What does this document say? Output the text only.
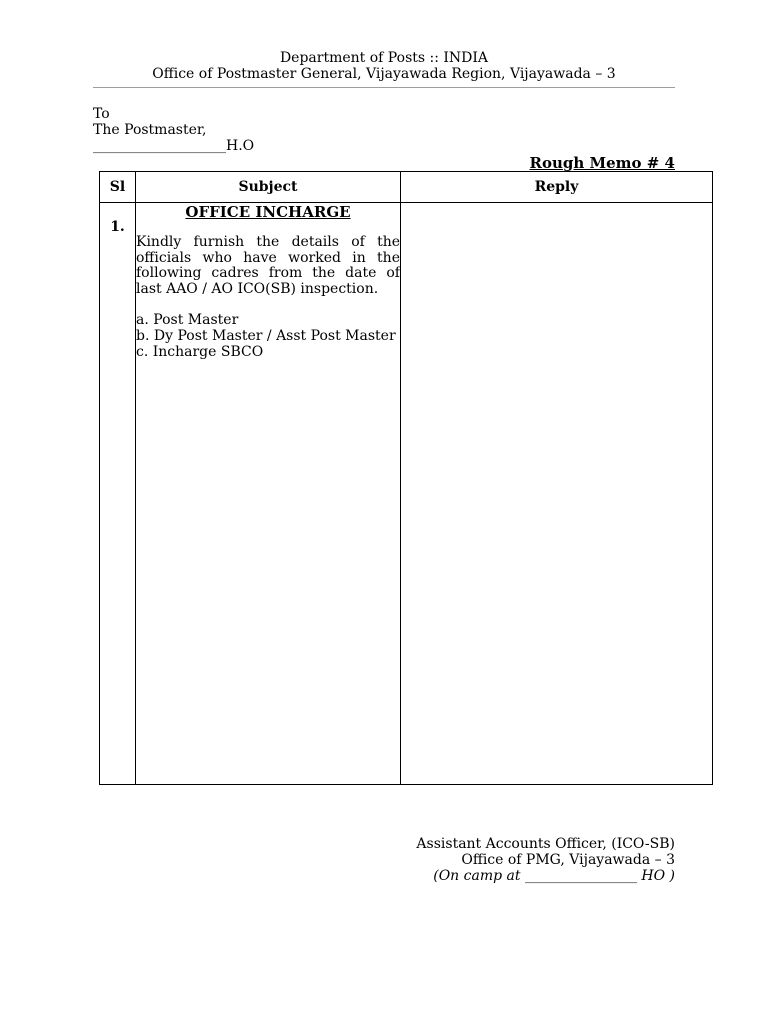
Department of Posts :: INDIA
Office of Postmaster General, Vijayawada Region, Vijayawada – 3
To
The Postmaster,
___________________H.O
Rough Memo # 4
Sl	Subject	Reply

1.	OFFICE INCHARGE
Kindly furnish the details of the officials who have worked in the following cadres from the date of last AAO / AO ICO(SB) inspection.
a. Post Master
b. Dy Post Master / Asst Post Master
c. Incharge SBCO	

Assistant Accounts Officer, (ICO-SB)
Office of PMG, Vijayawada – 3
(On camp at ________________ HO )
